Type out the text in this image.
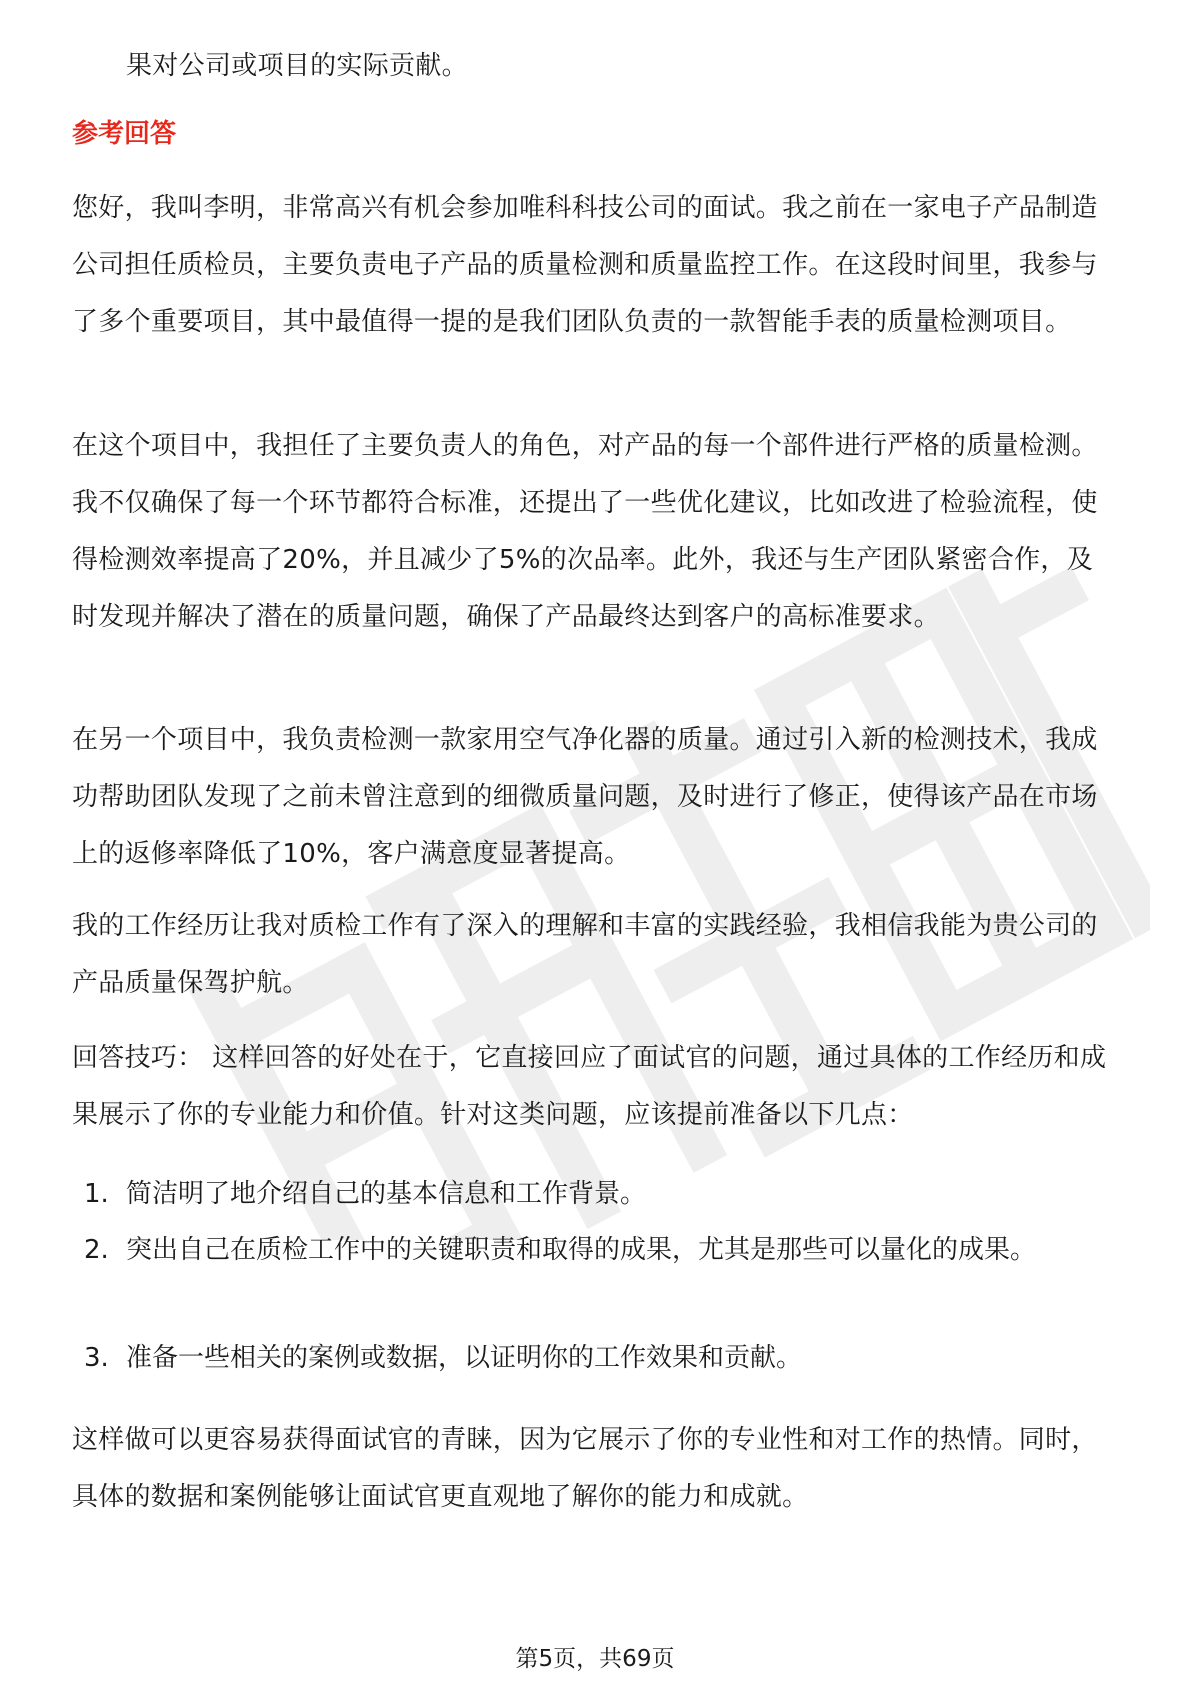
果对公司或项目的实际贡献。

参考回答

您好，我叫李明，非常高兴有机会参加唯科科技公司的面试。我之前在一家电子产品制造公司担任质检员，主要负责电子产品的质量检测和质量监控工作。在这段时间里，我参与了多个重要项目，其中最值得一提的是我们团队负责的一款智能手表的质量检测项目。

在这个项目中，我担任了主要负责人的角色，对产品的每一个部件进行严格的质量检测。我不仅确保了每一个环节都符合标准，还提出了一些优化建议，比如改进了检验流程，使得检测效率提高了20%，并且减少了5%的次品率。此外，我还与生产团队紧密合作，及时发现并解决了潜在的质量问题，确保了产品最终达到客户的高标准要求。

在另一个项目中，我负责检测一款家用空气净化器的质量。通过引入新的检测技术，我成功帮助团队发现了之前未曾注意到的细微质量问题，及时进行了修正，使得该产品在市场上的返修率降低了10%，客户满意度显著提高。

我的工作经历让我对质检工作有了深入的理解和丰富的实践经验，我相信我能为贵公司的产品质量保驾护航。

回答技巧： 这样回答的好处在于，它直接回应了面试官的问题，通过具体的工作经历和成果展示了你的专业能力和价值。针对这类问题，应该提前准备以下几点：

1. 简洁明了地介绍自己的基本信息和工作背景。
2. 突出自己在质检工作中的关键职责和取得的成果，尤其是那些可以量化的成果。
3. 准备一些相关的案例或数据，以证明你的工作效果和贡献。

这样做可以更容易获得面试官的青睐，因为它展示了你的专业性和对工作的热情。同时，具体的数据和案例能够让面试官更直观地了解你的能力和成就。

第5页，共69页
